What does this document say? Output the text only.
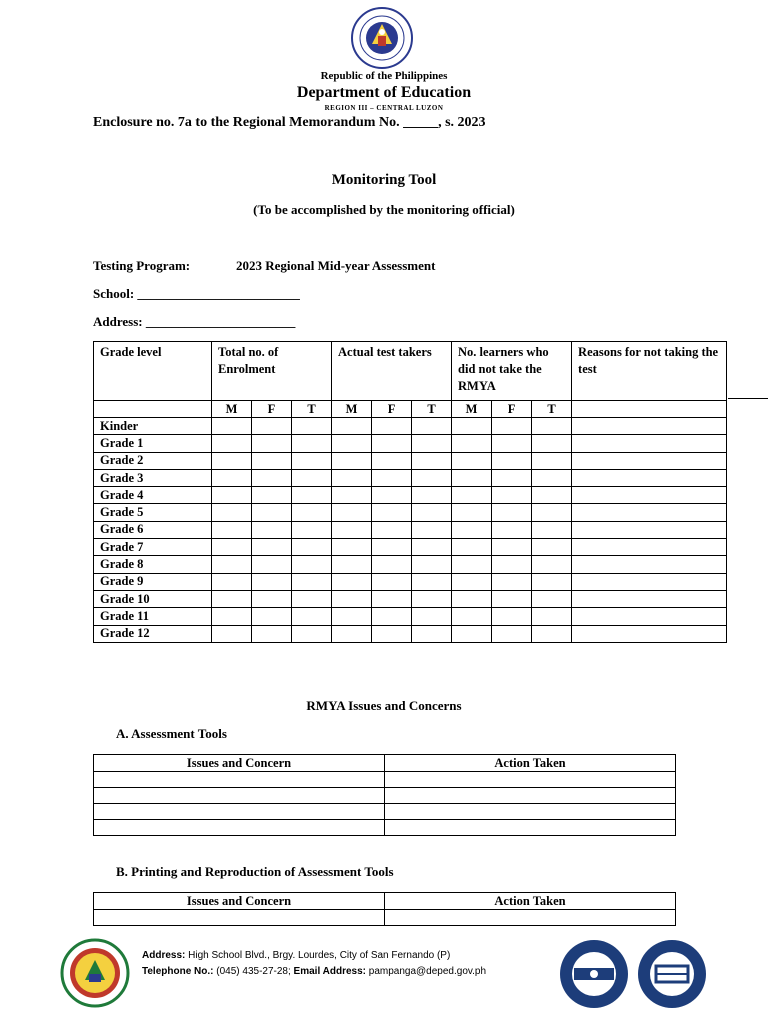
Republic of the Philippines
Department of Education
REGION III – CENTRAL LUZON
Enclosure no. 7a to the Regional Memorandum No. _____, s. 2023
Monitoring Tool
(To be accomplished by the monitoring official)
Testing Program:	2023 Regional Mid-year Assessment
School: _________________________
Address: _______________________
Grade level	Total no. of Enrolment			Actual test takers			No. learners who did not take the RMYA			Reasons for not taking the test
	M	F	T	M	F	T	M	F	T	
Kinder										
Grade 1										
Grade 2										
Grade 3										
Grade 4										
Grade 5										
Grade 6										
Grade 7										
Grade 8										
Grade 9										
Grade 10										
Grade 11										
Grade 12										
RMYA Issues and Concerns
A. Assessment Tools
Issues and Concern	Action Taken

B. Printing and Reproduction of Assessment Tools
Issues and Concern	Action Taken

Address: High School Blvd., Brgy. Lourdes, City of San Fernando (P)
Telephone No.: (045) 435-27-28; Email Address: pampanga@deped.gov.ph
